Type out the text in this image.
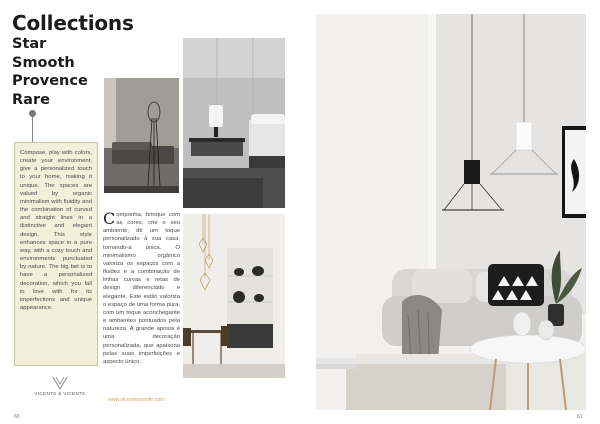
Collections
Star
Smooth
Provence
Rare

Compose, play with colors, create your environment, give a personalized touch to your home, making it unique. The spaces are valued by organic minimalism with fluidity and the combination of curved and straight lines in a distinctive and elegant design. This style enhances space in a pure way, with a cozy touch and environments punctuated by nature. The big bet is to have a personalized decoration, which you fall in love with for its imperfections and unique appearance.

VICENTE & VICENTE

Componha, brinque com as cores, crie o seu ambiente, dê um toque personalizado à sua casa, tornando-a única. O minimalismo orgânico valoriza os espaços com a fluidez e a combinação de linhas curvas e retas de design diferenciado e elegante. Este estilo valoriza o espaço de uma forma pura, com um toque aconchegante e ambientes pontuados pela natureza. A grande aposta é uma decoração personalizada, que apaixona pelas suas imperfeições e aspecto único.

www.vicentevicente.com
60	61
